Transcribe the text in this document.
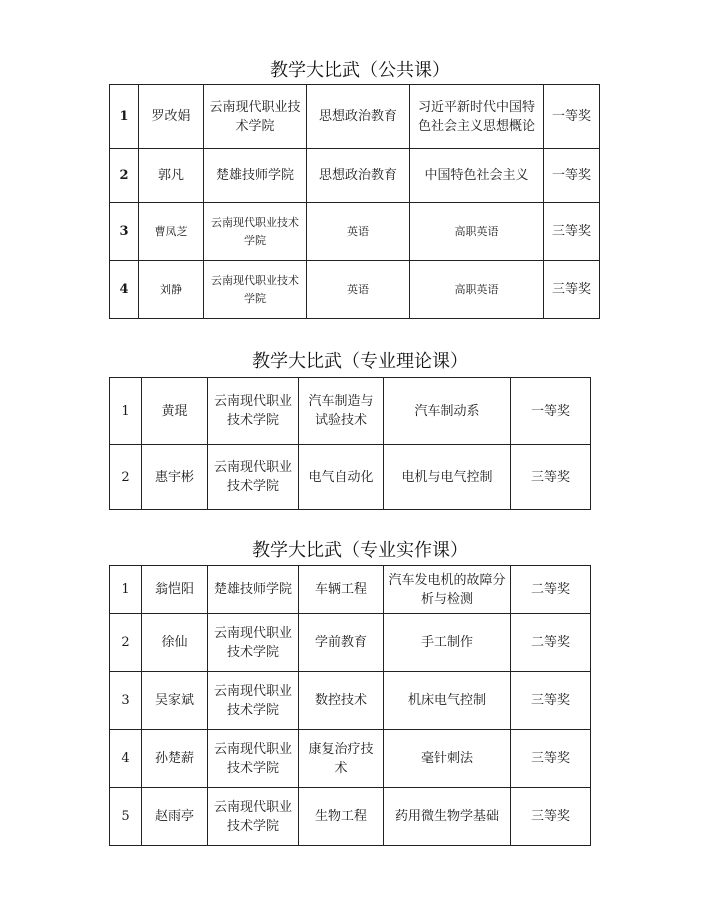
教学大比武（公共课）
1	罗改娟	云南现代职业技术学院	思想政治教育	习近平新时代中国特色社会主义思想概论	一等奖
2	郭凡	楚雄技师学院	思想政治教育	中国特色社会主义	一等奖
3	曹凤芝	云南现代职业技术学院	英语	高职英语	三等奖
4	刘静	云南现代职业技术学院	英语	高职英语	三等奖
教学大比武（专业理论课）
1	黄琨	云南现代职业技术学院	汽车制造与试验技术	汽车制动系	一等奖
2	惠宇彬	云南现代职业技术学院	电气自动化	电机与电气控制	三等奖
教学大比武（专业实作课）
1	翁恺阳	楚雄技师学院	车辆工程	汽车发电机的故障分析与检测	二等奖
2	徐仙	云南现代职业技术学院	学前教育	手工制作	二等奖
3	吴家斌	云南现代职业技术学院	数控技术	机床电气控制	三等奖
4	孙楚薪	云南现代职业技术学院	康复治疗技术	毫针刺法	三等奖
5	赵雨亭	云南现代职业技术学院	生物工程	药用微生物学基础	三等奖
